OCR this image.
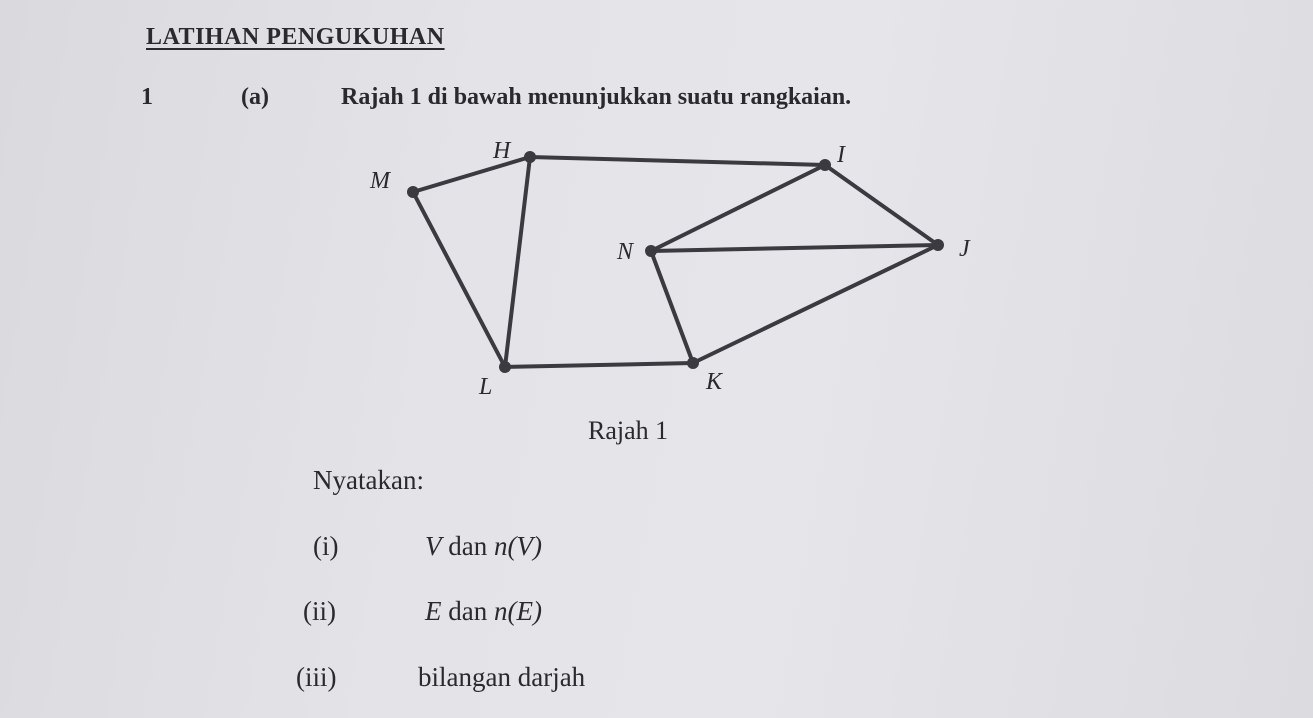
LATIHAN PENGUKUHAN
1	(a)	Rajah 1 di bawah menunjukkan suatu rangkaian.
H	I
J
K
L
M
N
Rajah 1
Nyatakan:
(i)	V dan n(V)
(ii)	E dan n(E)
(iii)	bilangan darjah
